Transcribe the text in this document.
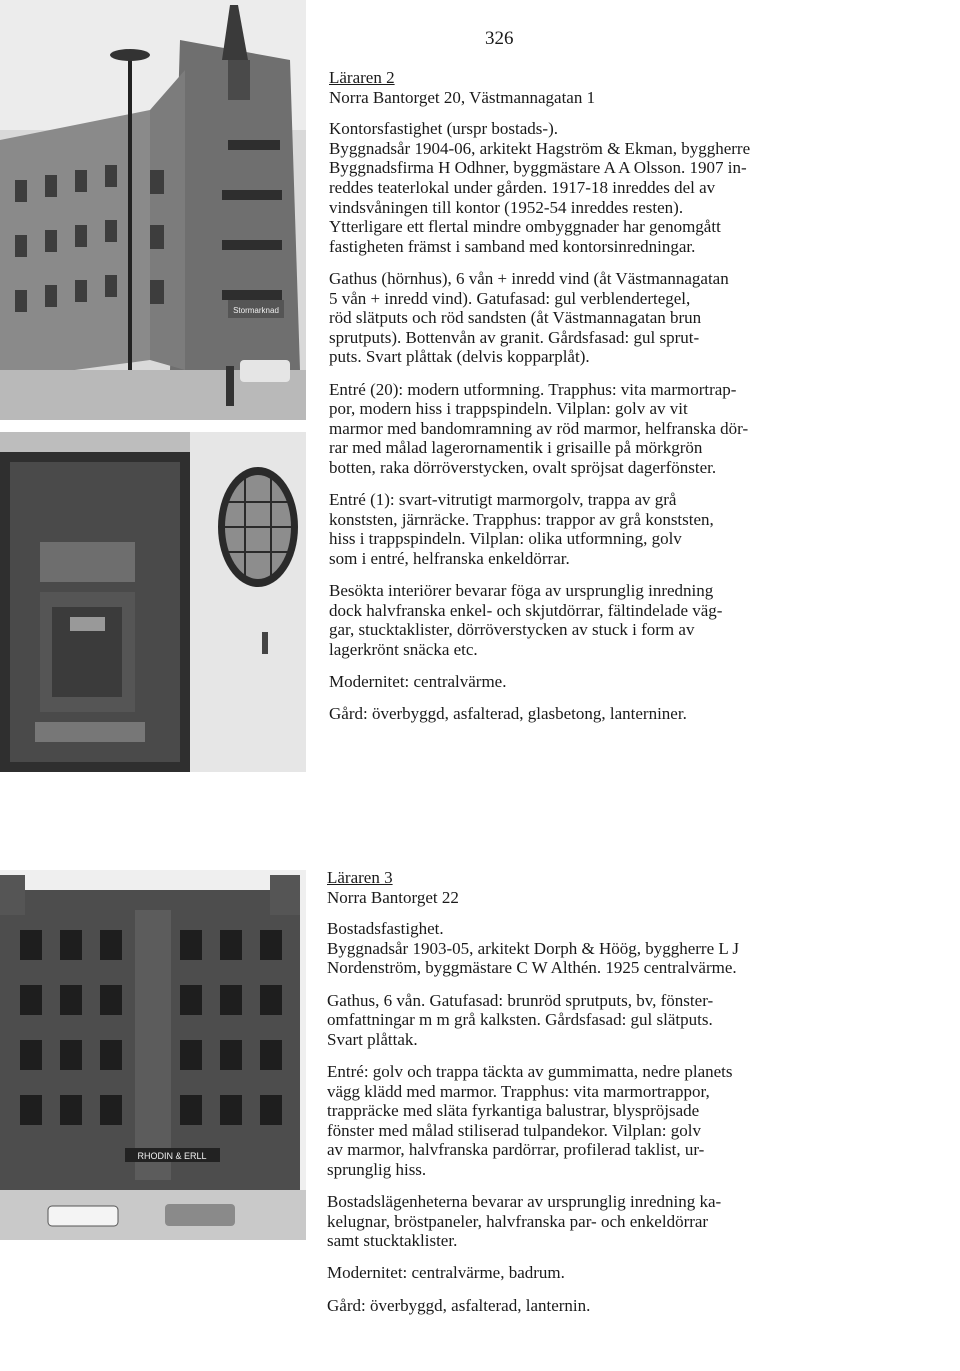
326
Stormarknad
RHODIN & ERLL
Läraren 2
Norra Bantorget 20, Västmannagatan 1

Kontorsfastighet (urspr bostads-).
Byggnadsår 1904-06, arkitekt Hagström & Ekman, byggherre
Byggnadsfirma H Odhner, byggmästare A A Olsson. 1907 in-
reddes teaterlokal under gården. 1917-18 inreddes del av
vindsvåningen till kontor (1952-54 inreddes resten).
Ytterligare ett flertal mindre ombyggnader har genomgått
fastigheten främst i samband med kontorsinredningar.

Gathus (hörnhus), 6 vån + inredd vind (åt Västmannagatan
5 vån + inredd vind). Gatufasad: gul verblendertegel,
röd slätputs och röd sandsten (åt Västmannagatan brun
sprutputs). Bottenvån av granit. Gårdsfasad: gul sprut-
puts. Svart plåttak (delvis kopparplåt).

Entré (20): modern utformning. Trapphus: vita marmortrap-
por, modern hiss i trappspindeln. Vilplan: golv av vit
marmor med bandomramning av röd marmor, helfranska dör-
rar med målad lagerornamentik i grisaille på mörkgrön
botten, raka dörröverstycken, ovalt spröjsat dagerfönster.

Entré (1): svart-vitrutigt marmorgolv, trappa av grå
konststen, järnräcke. Trapphus: trappor av grå konststen,
hiss i trappspindeln. Vilplan: olika utformning, golv
som i entré, helfranska enkeldörrar.

Besökta interiörer bevarar föga av ursprunglig inredning
dock halvfranska enkel- och skjutdörrar, fältindelade väg-
gar, stucktaklister, dörröverstycken av stuck i form av
lagerkrönt snäcka etc.

Modernitet: centralvärme.

Gård: överbyggd, asfalterad, glasbetong, lanterniner.

Läraren 3
Norra Bantorget 22

Bostadsfastighet.
Byggnadsår 1903-05, arkitekt Dorph & Höög, byggherre L J
Nordenström, byggmästare C W Althén. 1925 centralvärme.

Gathus, 6 vån. Gatufasad: brunröd sprutputs, bv, fönster-
omfattningar m m grå kalksten. Gårdsfasad: gul slätputs.
Svart plåttak.

Entré: golv och trappa täckta av gummimatta, nedre planets
vägg klädd med marmor. Trapphus: vita marmortrappor,
trappräcke med släta fyrkantiga balustrar, blyspröjsade
fönster med målad stiliserad tulpandekor. Vilplan: golv
av marmor, halvfranska pardörrar, profilerad taklist, ur-
sprunglig hiss.

Bostadslägenheterna bevarar av ursprunglig inredning ka-
kelugnar, bröstpaneler, halvfranska par- och enkeldörrar
samt stucktaklister.

Modernitet: centralvärme, badrum.

Gård: överbyggd, asfalterad, lanternin.
